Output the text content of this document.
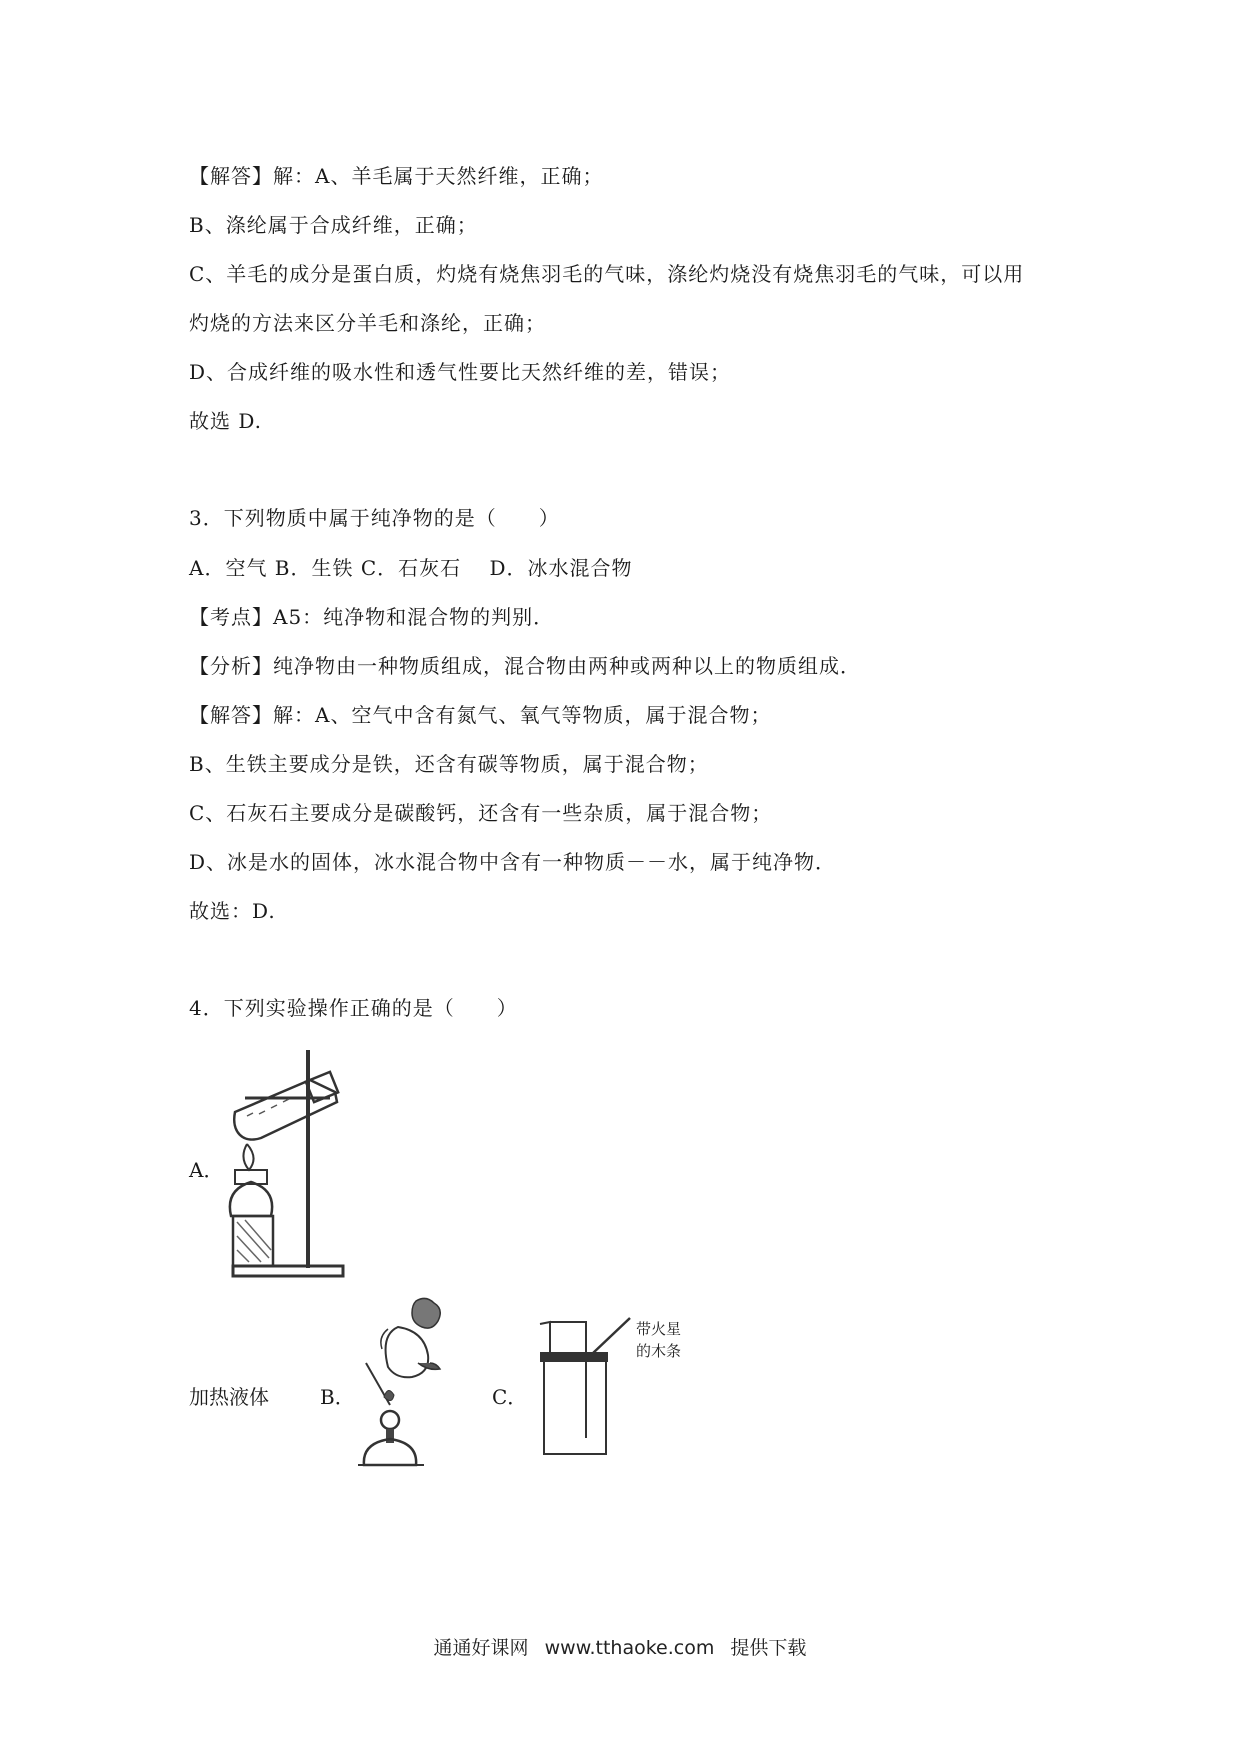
【解答】解：A、羊毛属于天然纤维，正确；
B、涤纶属于合成纤维，正确；
C、羊毛的成分是蛋白质，灼烧有烧焦羽毛的气味，涤纶灼烧没有烧焦羽毛的气味，可以用
灼烧的方法来区分羊毛和涤纶，正确；
D、合成纤维的吸水性和透气性要比天然纤维的差，错误；
故选 D.
3．下列物质中属于纯净物的是（　　）
A．空气 B．生铁 C．石灰石　 D．冰水混合物
【考点】A5：纯净物和混合物的判别．
【分析】纯净物由一种物质组成，混合物由两种或两种以上的物质组成．
【解答】解：A、空气中含有氮气、氧气等物质，属于混合物；
B、生铁主要成分是铁，还含有碳等物质，属于混合物；
C、石灰石主要成分是碳酸钙，还含有一些杂质，属于混合物；
D、冰是水的固体，冰水混合物中含有一种物质－－水，属于纯净物．
故选：D.
4．下列实验操作正确的是（　　）
A．
加热液体	B．	C．
带火星
的木条
通通好课网 www.tthaoke.com 提供下载
